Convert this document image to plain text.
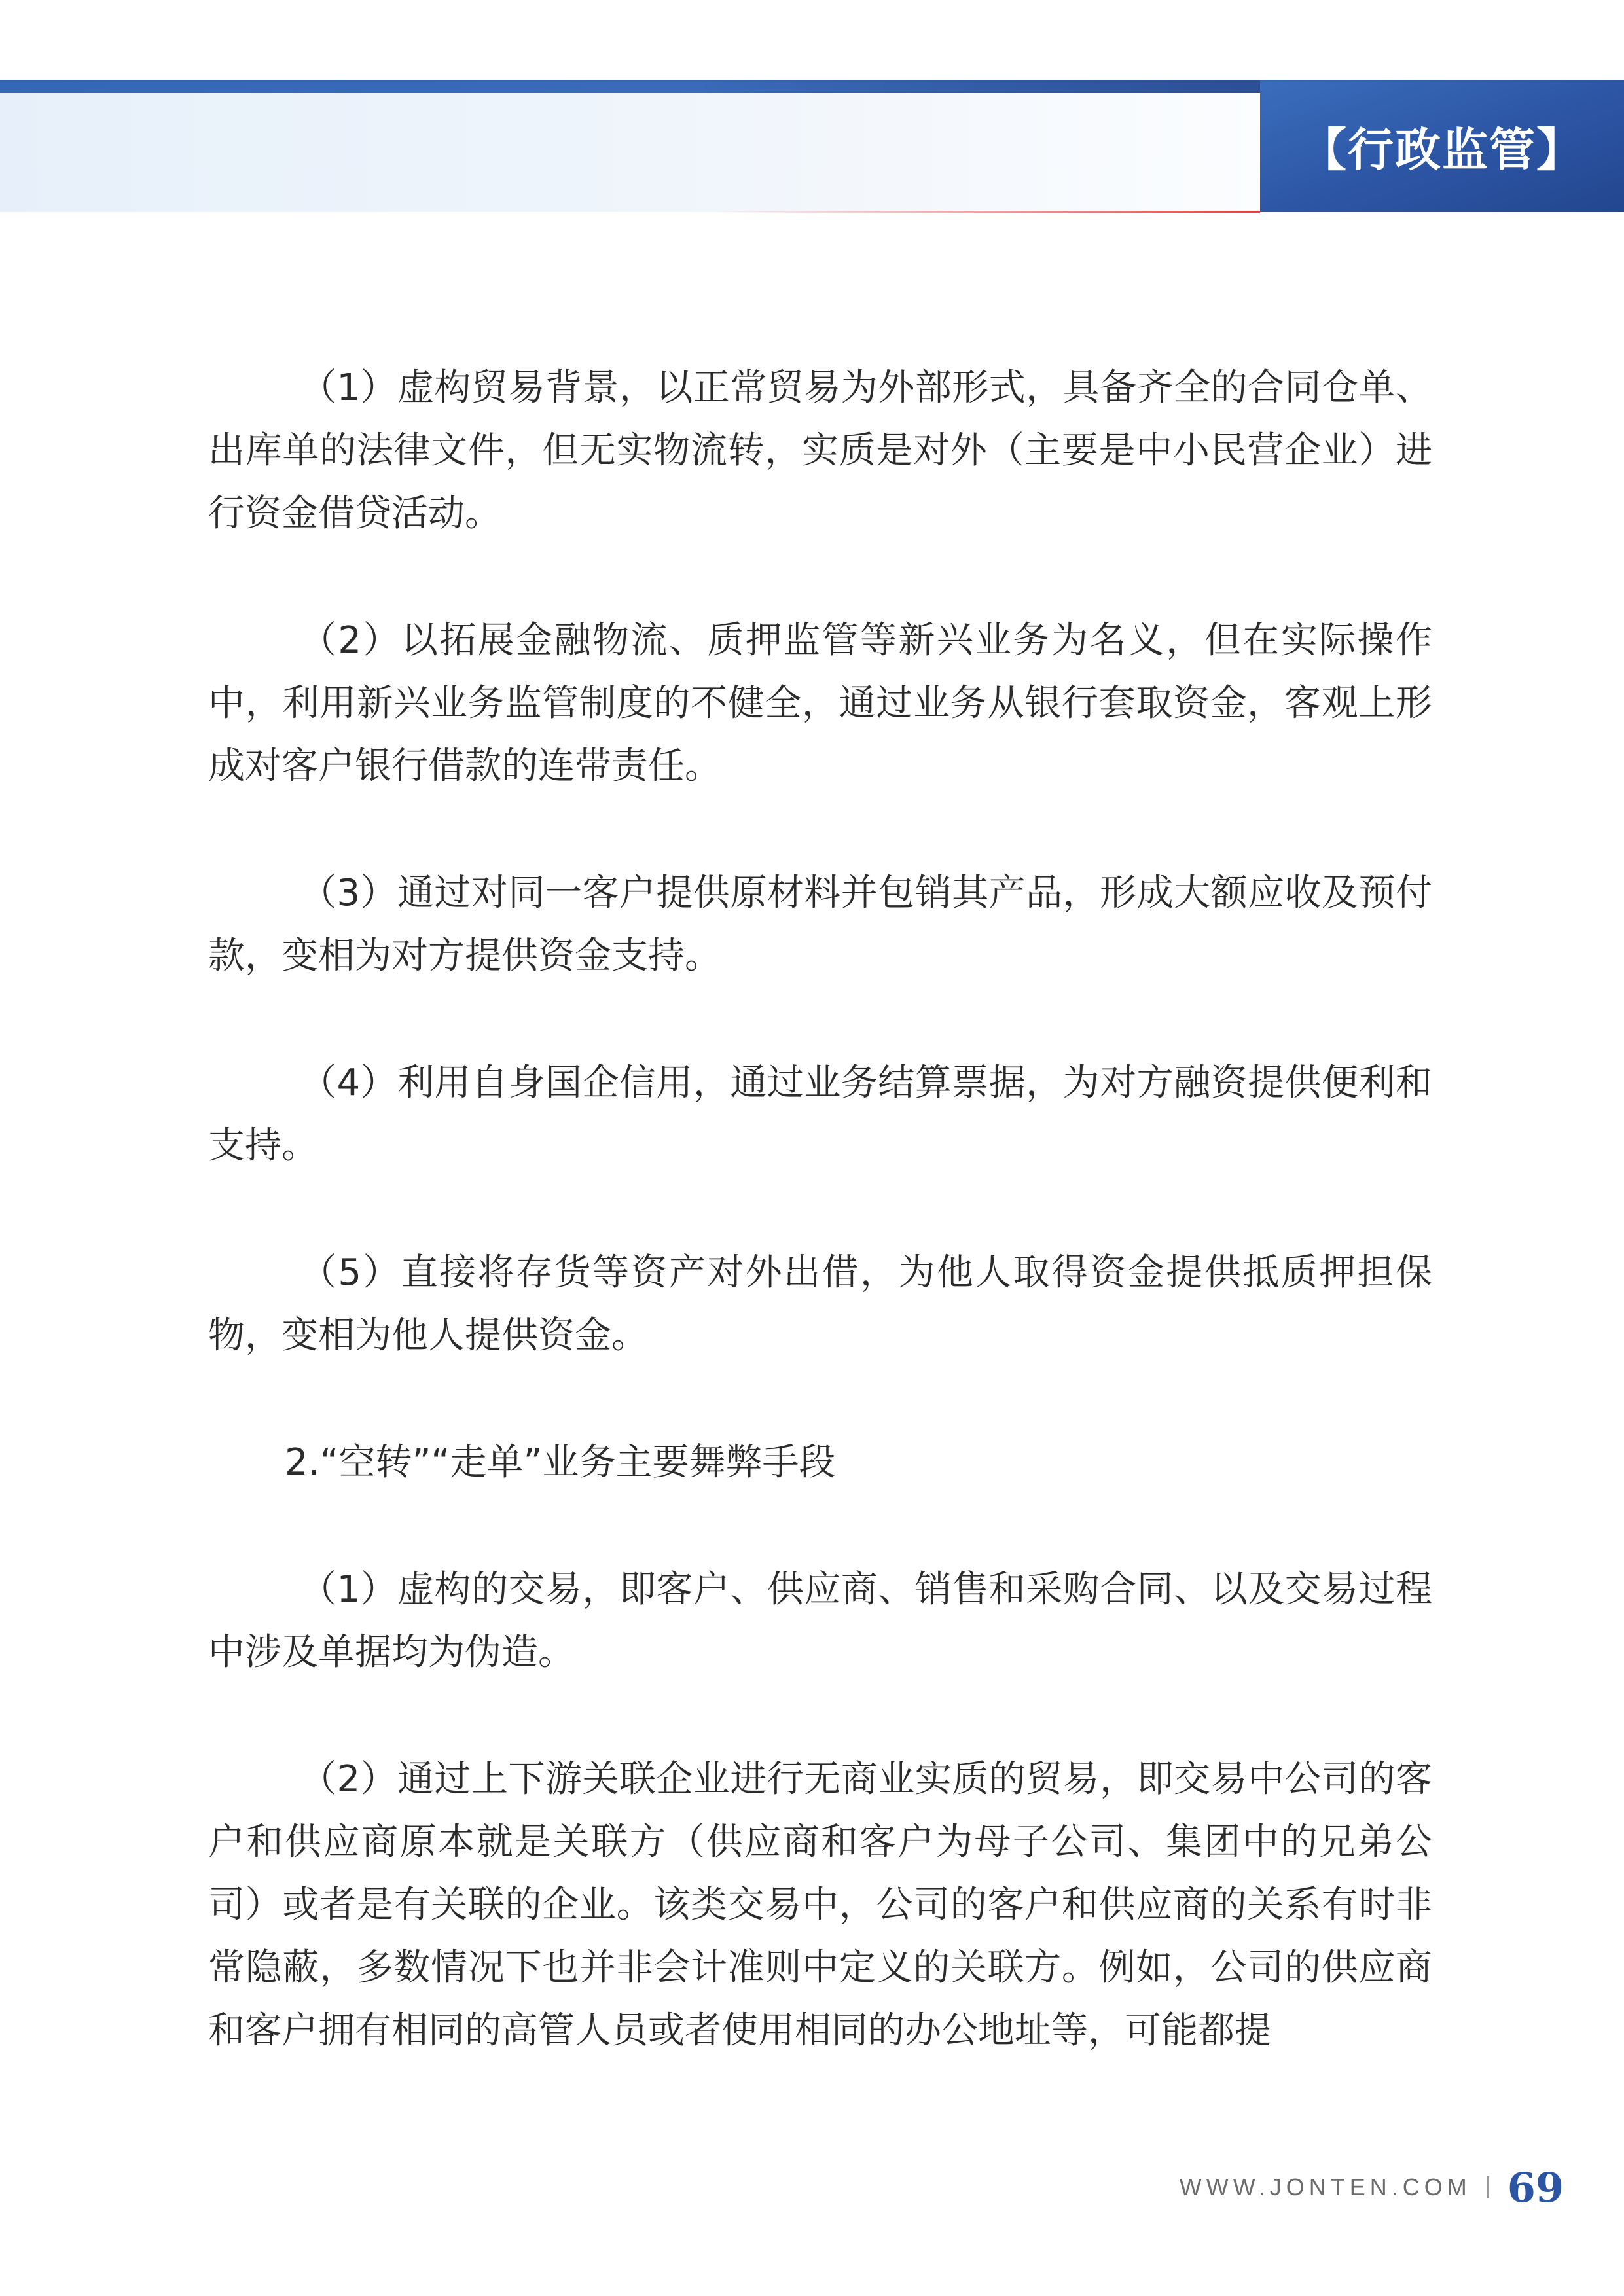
【行政监管】

（1）虚构贸易背景，以正常贸易为外部形式，具备齐全的合同仓单、出库单的法律文件，但无实物流转，实质是对外（主要是中小民营企业）进行资金借贷活动。

（2）以拓展金融物流、质押监管等新兴业务为名义，但在实际操作中，利用新兴业务监管制度的不健全，通过业务从银行套取资金，客观上形成对客户银行借款的连带责任。

（3）通过对同一客户提供原材料并包销其产品，形成大额应收及预付款，变相为对方提供资金支持。

（4）利用自身国企信用，通过业务结算票据，为对方融资提供便利和支持。

（5）直接将存货等资产对外出借，为他人取得资金提供抵质押担保物，变相为他人提供资金。

2.“空转”“走单”业务主要舞弊手段

（1）虚构的交易，即客户、供应商、销售和采购合同、以及交易过程中涉及单据均为伪造。

（2）通过上下游关联企业进行无商业实质的贸易，即交易中公司的客户和供应商原本就是关联方（供应商和客户为母子公司、集团中的兄弟公司）或者是有关联的企业。该类交易中，公司的客户和供应商的关系有时非常隐蔽，多数情况下也并非会计准则中定义的关联方。例如，公司的供应商和客户拥有相同的高管人员或者使用相同的办公地址等，可能都提

WWW.JONTEN.COM 69
